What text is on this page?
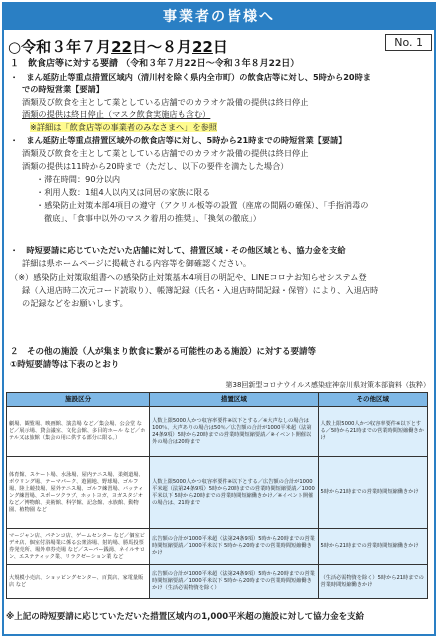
事業者の皆様へ
○令和３年７月22日～８月22日	No. 1
１　飲食店等に対する要請 （令和３年７月22日～令和３年８月22日）
・　まん延防止等重点措置区域内（清川村を除く県内全市町）の飲食店等に対し、5時から20時ま
での時短営業【要請】
酒類及び飲食を主として業としている店舗でのカラオケ設備の提供は終日停止
酒類の提供は終日停止（マスク飲食実施店も含む）
※詳細は「飲食店等の事業者のみなさまへ」を参照
・　まん延防止等重点措置区域外の飲食店等に対し、5時から21時までの時短営業【要請】
酒類及び飲食を主として業としている店舗でのカラオケ設備の提供は終日停止
酒類の提供は11時から20時まで（ただし、以下の要件を満たした場合）
・滞在時間：90分以内
・利用人数：1組4人以内又は同居の家族に限る
・感染防止対策本部4項目の遵守（アクリル板等の設置（座席の間隔の確保）、「手指消毒の
徹底」、「食事中以外のマスク着用の推奨」、「換気の徹底」）
・　時短要請に応じていただいた店舗に対して、措置区域・その他区域とも、協力金を支給
詳細は県ホームページに掲載される内容等を御確認ください。
（※）感染防止対策取組書への感染防止対策基本4項目の明記や、LINEコロナお知らせシステム登
録（入退店時二次元コード読取り）、帳簿記録（氏名・入退店時間記録・保管）により、入退店時
の記録などをお願いします。
２　その他の施設（人が集まり飲食に繋がる可能性のある施設）に対する要請等
①時短要請等は下表のとおり
第38回新型コロナウイルス感染症神奈川県対策本部資料（抜粋）
施設区分	措置区域	その他区域
劇場、観覧場、映画館、演芸場 など／集会場、公会堂 など／展示場、貸会議室、文化会館、多目的ホール など／ホテル又は旅館（集会の用に供する部分に限る。）	人数上限5000人かつ収容率要件※以下とする／※大声なしの場合は100％、大声ありの場合は50％／広告額の合計が1000平米超（法第24条9項）5時から20時までの営業時間短縮要請／※イベント開催以外の場合は20時まで	人数上限5000人かつ収容率要件※以下とする／5時から21時までの営業時間短縮働きかけ
体育館、スケート場、水泳場、屋内テニス場、柔剣道場、ボウリング場、テーマパーク、遊園地、野球場、ゴルフ場、陸上競技場、屋外テニス場、ゴルフ練習場、バッティング練習場、スポーツクラブ、ホットヨガ、ヨガスタジオ など／博物館、美術館、科学館、記念館、水族館、動物園、植物園 など	人数上限5000人かつ収容率要件※以下とする／広告額の合計が1000平米超（法第24条9項）5時から20時までの営業時間短縮要請／1000平米以下 5時から20時までの営業時間短縮働きかけ／※イベント開催の場合は、21時まで	5時から21時までの営業時間短縮働きかけ
マージャン店、パチンコ店、ゲームセンター など／個室ビデオ店、個室付浴場業に係る公衆浴場、射的場、勝馬投票券発売所、場外車券売場 など／スーパー銭湯、ネイルサロン、エステティック業、リラクゼーション業 など	広告額の合計が1000平米超（法第24条9項）5時から20時までの営業時間短縮要請／1000平米以下 5時から20時までの営業時間短縮働きかけ	5時から21時までの営業時間短縮働きかけ
大規模小売店、ショッピングセンター、百貨店、家電量販店 など	広告額の合計が1000平米超（法第24条9項）5時から20時までの営業時間短縮要請／1000平米以下 5時から20時までの営業時間短縮働きかけ（生活必需物資を除く）	（生活必需物資を除く）5時から21時までの営業時間短縮働きかけ
※上記の時短要請に応じていただいた措置区域内の1,000平米超の施設に対して協力金を支給
